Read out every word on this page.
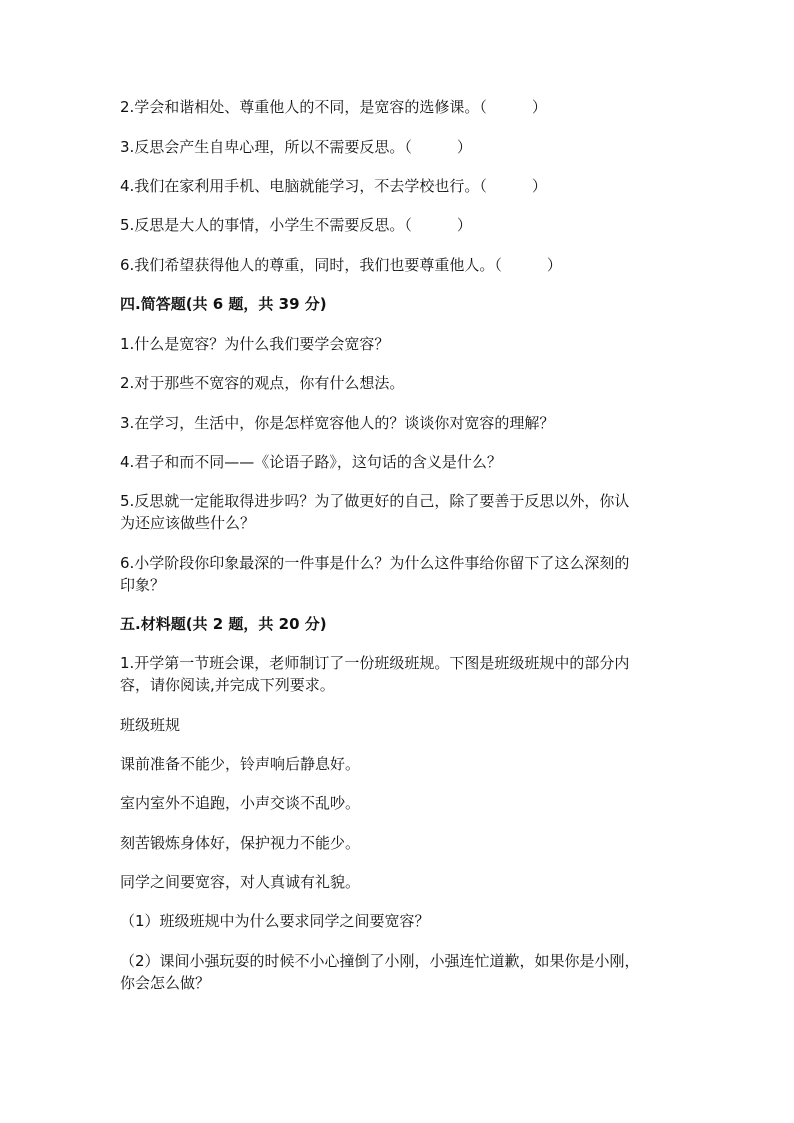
2.学会和谐相处、尊重他人的不同，是宽容的选修课。（　　　）
3.反思会产生自卑心理，所以不需要反思。（　　　）
4.我们在家利用手机、电脑就能学习，不去学校也行。（　　　）
5.反思是大人的事情，小学生不需要反思。（　　　）
6.我们希望获得他人的尊重，同时，我们也要尊重他人。（　　　）
四.简答题(共 6 题，共 39 分)
1.什么是宽容？为什么我们要学会宽容？
2.对于那些不宽容的观点，你有什么想法。
3.在学习，生活中，你是怎样宽容他人的？谈谈你对宽容的理解？
4.君子和而不同——《论语子路》，这句话的含义是什么？
5.反思就一定能取得进步吗？为了做更好的自己，除了要善于反思以外，你认
为还应该做些什么？
6.小学阶段你印象最深的一件事是什么？为什么这件事给你留下了这么深刻的
印象？
五.材料题(共 2 题，共 20 分)
1.开学第一节班会课，老师制订了一份班级班规。下图是班级班规中的部分内
容，请你阅读,并完成下列要求。
班级班规
课前准备不能少，铃声响后静息好。
室内室外不追跑，小声交谈不乱吵。
刻苦锻炼身体好，保护视力不能少。
同学之间要宽容，对人真诚有礼貌。
（1）班级班规中为什么要求同学之间要宽容？
（2）课间小强玩耍的时候不小心撞倒了小刚，小强连忙道歉，如果你是小刚，
你会怎么做？
